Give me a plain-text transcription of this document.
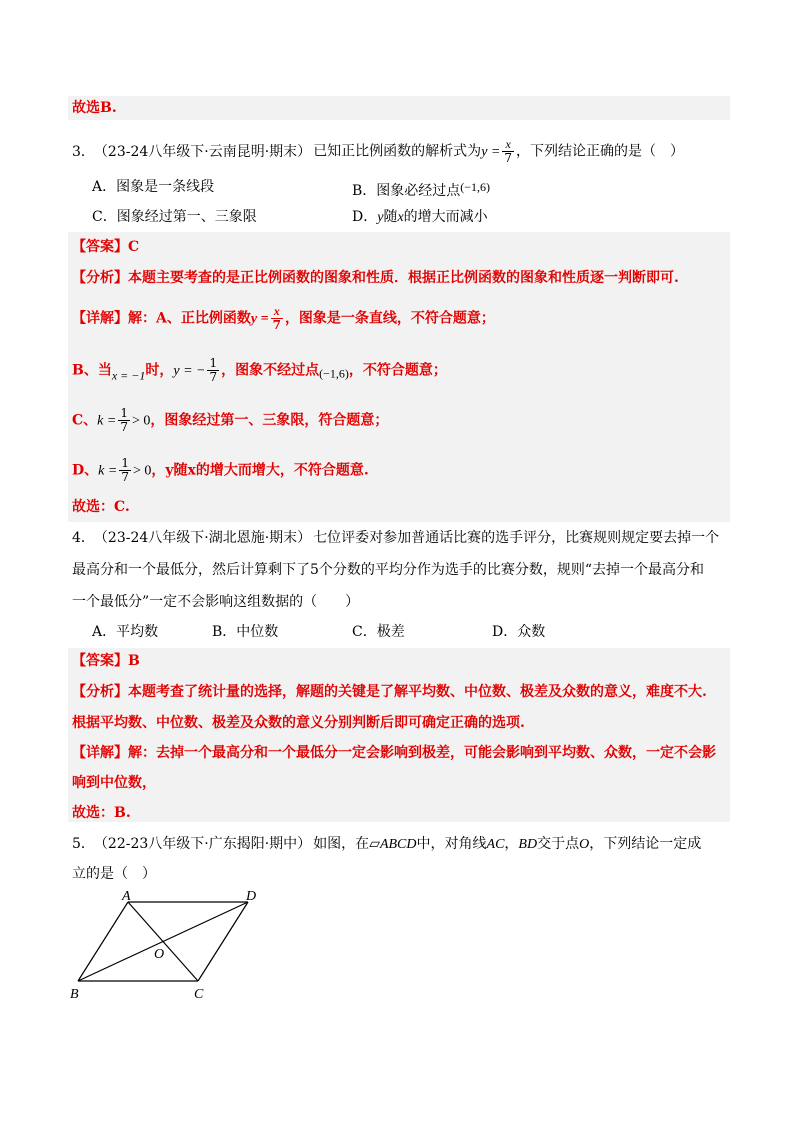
故选B.
3． （23-24八年级下·云南昆明·期末） 已知正比例函数的解析式为$y = \frac{x}{7}$ ，下列结论正确的是（　）
A．图象是一条线段	B．图象必经过点(−1,6)
C．图象经过第一、三象限	D．y随x的增大而减小
【答案】C
【分析】本题主要考查的是正比例函数的图象和性质．根据正比例函数的图象和性质逐一判断即可.
【详解】解：A、正比例函数$y = \frac{x}{7}$ ，图象是一条直线，不符合题意；
B、当x = −1时，y = − $\frac{1}{7}$ ，图象不经过点(−1,6)，不符合题意；
C、$k = \frac{1}{7} > 0$，图象经过第一、三象限，符合题意；
D、$k = \frac{1}{7} > 0$，y随x的增大而增大，不符合题意.
故选：C.
4． （23-24八年级下·湖北恩施·期末） 七位评委对参加普通话比赛的选手评分，比赛规则规定要去掉一个
最高分和一个最低分，然后计算剩下了5个分数的平均分作为选手的比赛分数，规则“去掉一个最高分和
一个最低分”一定不会影响这组数据的（　　）
A．平均数	B．中位数	C．极差	D．众数
【答案】B
【分析】本题考查了统计量的选择，解题的关键是了解平均数、中位数、极差及众数的意义，难度不大.
根据平均数、中位数、极差及众数的意义分别判断后即可确定正确的选项.
【详解】解：去掉一个最高分和一个最低分一定会影响到极差，可能会影响到平均数、众数，一定不会影
响到中位数，
故选：B.
5． （22-23八年级下·广东揭阳·期中） 如图，在▱ABCD中，对角线AC，BD交于点O，下列结论一定成
立的是（　）
A	D
B	C
O
